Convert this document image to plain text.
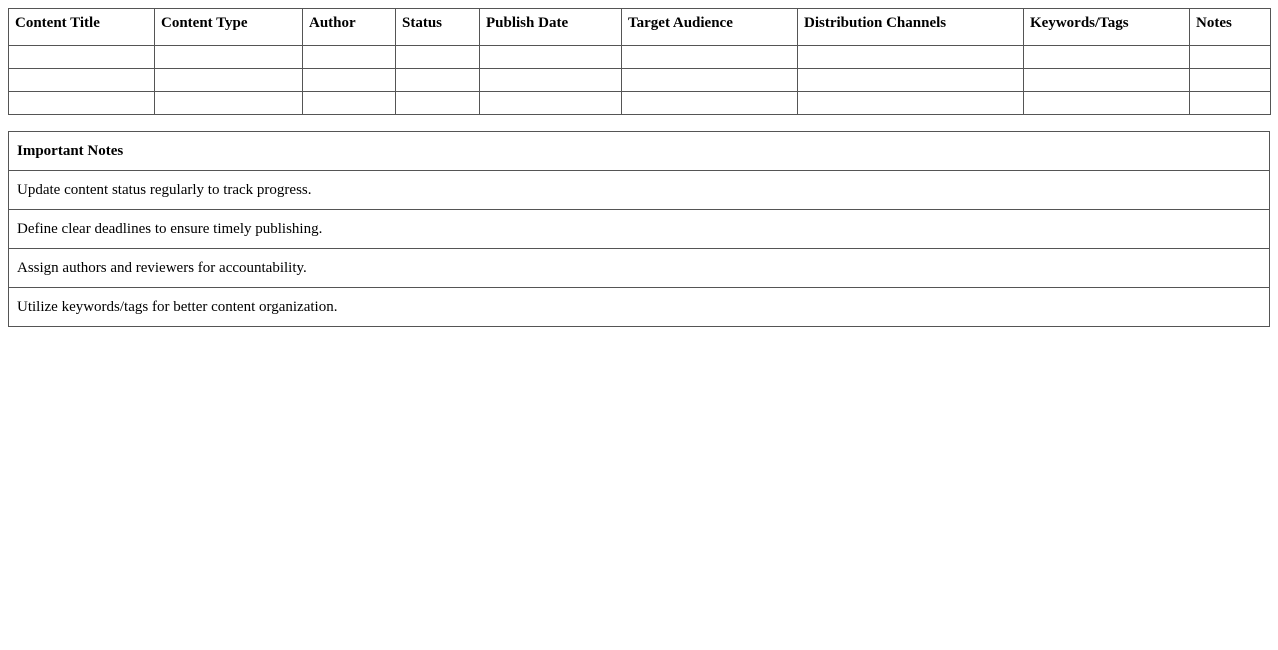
Content Title	Content Type	Author	Status	Publish Date	Target Audience	Distribution Channels	Keywords/Tags	Notes

Important Notes
Update content status regularly to track progress.
Define clear deadlines to ensure timely publishing.
Assign authors and reviewers for accountability.
Utilize keywords/tags for better content organization.
